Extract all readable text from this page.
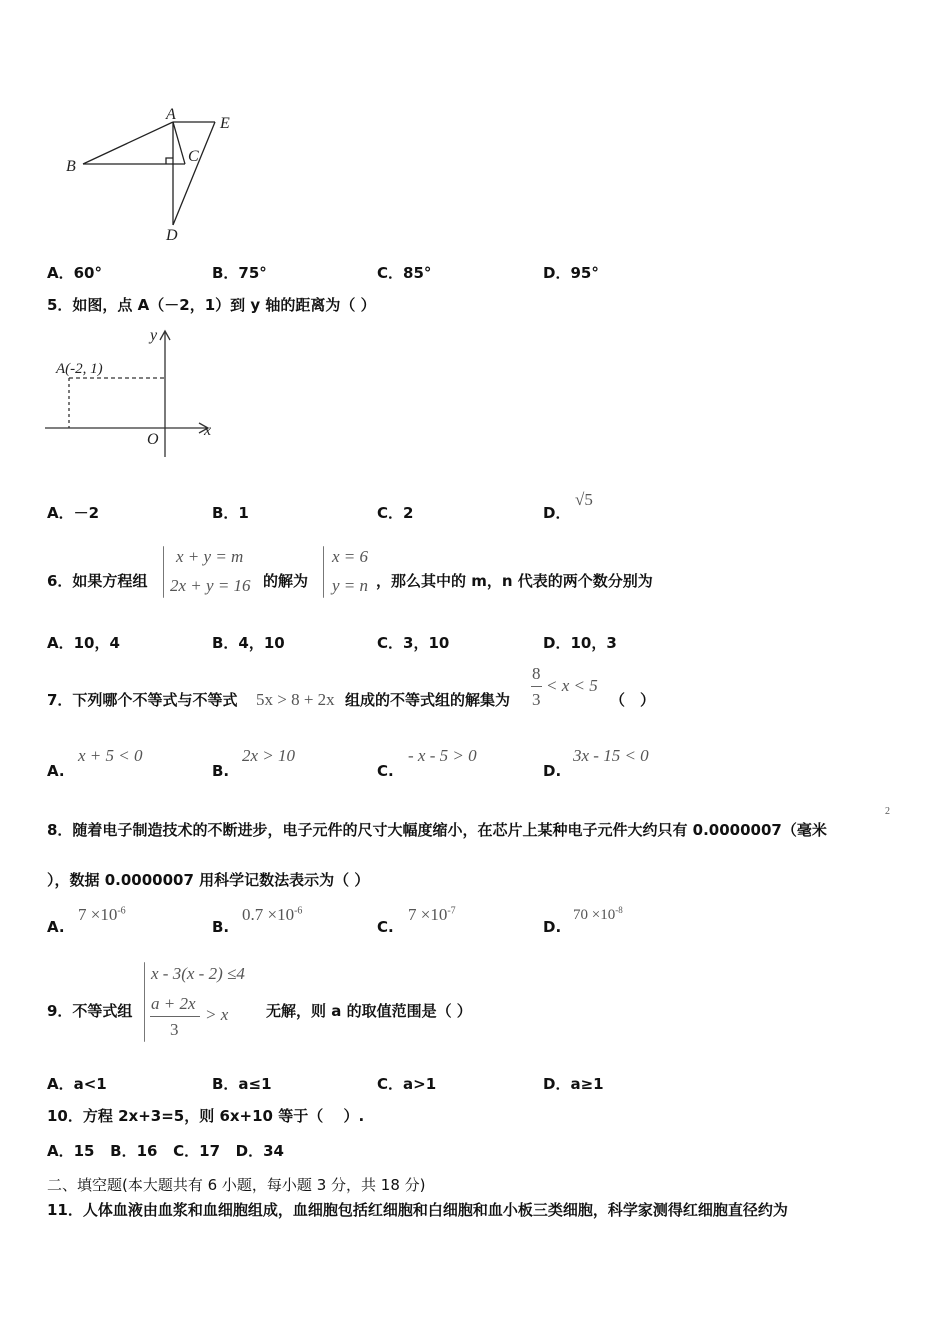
A
B
C
D
E
A．60°	B．75°	C．85°	D．95°
5．如图，点 A（－2，1）到 y 轴的距离为（ ）
A(-2, 1)
y
x
O
A．－2	B．1	C．2	D．
√5
6．如果方程组
x + y = m
2x + y = 16 的解为
x = 6
y = n ，那么其中的 m，n 代表的两个数分别为
A．10，4	B．4，10	C．3，10	D．10，3
7．下列哪个不等式与不等式 5x > 8 + 2x 组成的不等式组的解集为
8
3
< x < 5
（　）
A.
x + 5 < 0
B.
2x > 10
C.
- x - 5 > 0
D.
3x - 15 < 0
8．随着电子制造技术的不断进步，电子元件的尺寸大幅度缩小，在芯片上某种电子元件大约只有 0.0000007（毫米
2
），数据 0.0000007 用科学记数法表示为（ ）
A.
$7 \times 10^{-6}$
B.
$0.7 \times 10^{-6}$
C.
$7 \times 10^{-7}$
D.
$70 \times 10^{-8}$
9．不等式组
x - 3(x - 2) ≤4
a + 2x
3
> x	无解，则 a 的取值范围是（ ）
A．a<1	B．a≤1	C．a>1	D．a≥1
10．方程 2x+3=5，则 6x+10 等于（　 ）.
A．15   B．16   C．17   D．34
二、填空题(本大题共有 6 小题，每小题 3 分，共 18 分)
11．人体血液由血浆和血细胞组成，血细胞包括红细胞和白细胞和血小板三类细胞，科学家测得红细胞直径约为
